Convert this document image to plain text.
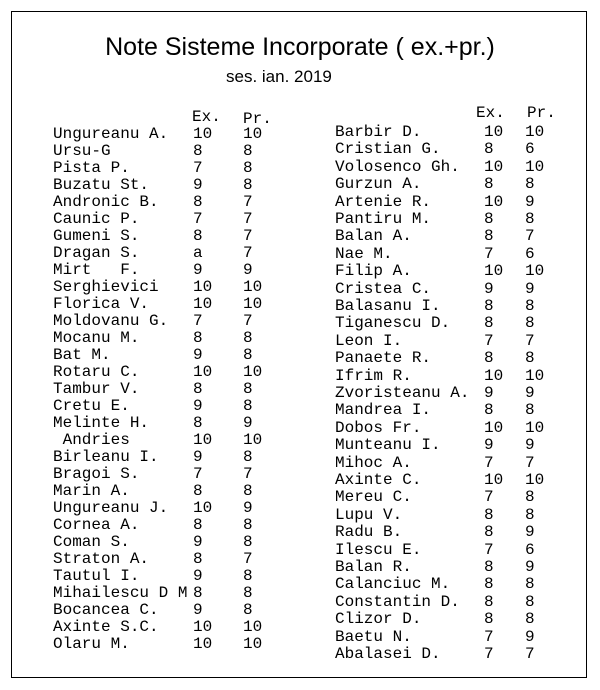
Note Sisteme Incorporate ( ex.+pr.)
ses. ian. 2019
Ex. Pr.	Ex. Pr.
Ungureanu A. 10 10
Ursu-G	8	8
Pista P.	7	8
Buzatu St.	9	8
Andronic B. 8	7
Caunic P.	7	7
Gumeni S.	8	7
Dragan S.	a	7
Mirt   F.	9	9
Serghievici 10 10
Florica V.	10 10
Moldovanu G. 7	7
Mocanu M.	8	8
Bat M.	9	8
Rotaru C.	10 10
Tambur V.	8	8
Cretu E.	9	8
Melinte H.	8	9
Andries	10 10
Birleanu I. 9	8
Bragoi S.	7	7
Marin A.	8	8
Ungureanu J. 10 9
Cornea A.	8	8
Coman S.	9	8
Straton A.	8	7
Tautul I.	9	8
Mihailescu D M 8	8
Bocancea C. 9	8
Axinte S.C. 10 10
Olaru M.	10 10
Barbir D.	10 10
Cristian G.	8 6
Volosenco Gh. 10 10
Gurzun A.	8 8
Artenie R.	10 9
Pantiru M.	8 8
Balan A.	8 7
Nae M.	7 6
Filip A.	10 10
Cristea C.	9 9
Balasanu I.	8 8
Tiganescu D. 8 8
Leon I.	7 7
Panaete R.	8 8
Ifrim R.	10 10
Zvoristeanu A. 9 9
Mandrea I.	8 8
Dobos Fr.	10 10
Munteanu I.	9 9
Mihoc A.	7 7
Axinte C.	10 10
Mereu C.	7 8
Lupu V.	8 8
Radu B.	8 9
Ilescu E.	7 6
Balan R.	8 9
Calanciuc M. 8 8
Constantin D. 8 8
Clizor D.	8 8
Baetu N.	7 9
Abalasei D.	7 7
